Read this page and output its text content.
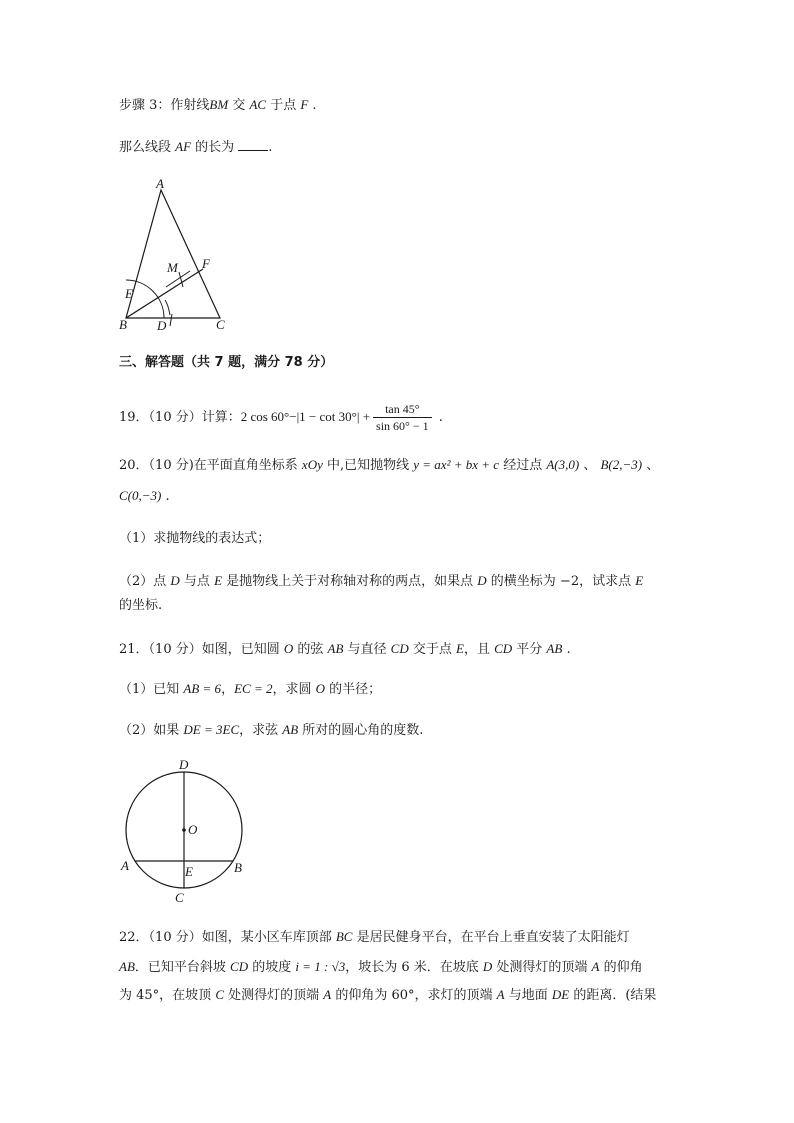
步骤 3：作射线BM 交 AC 于点 F .
那么线段 AF 的长为 .
A
B	C
D
E
F
M
三、解答题（共 7 题，满分 78 分）
19．（10 分）计算：2 $\cos 60^\circ-|1 - \cot 30^\circ| + \frac{\tan 45^\circ}{\sin 60^\circ - 1}$ .
20．（10 分)在平面直角坐标系 xOy 中,已知抛物线 y = ax² + bx + c 经过点 A(3,0) 、 B(2,−3) 、
C(0,−3) .
（1）求抛物线的表达式；
（2）点 D 与点 E 是抛物线上关于对称轴对称的两点，如果点 D 的横坐标为 −2，试求点 E
的坐标.
21．（10 分）如图，已知圆 O 的弦 AB 与直径 CD 交于点 E，且 CD 平分 AB .
（1）已知 AB = 6，EC = 2，求圆 O 的半径；
（2）如果 DE = 3EC，求弦 AB 所对的圆心角的度数.
D
O
A	B
E
C
22．（10 分）如图，某小区车库顶部 BC 是居民健身平台，在平台上垂直安装了太阳能灯
AB．已知平台斜坡 CD 的坡度 i = 1 : √3，坡长为 6 米．在坡底 D 处测得灯的顶端 A 的仰角
为 45°，在坡顶 C 处测得灯的顶端 A 的仰角为 60°，求灯的顶端 A 与地面 DE 的距离．(结果
